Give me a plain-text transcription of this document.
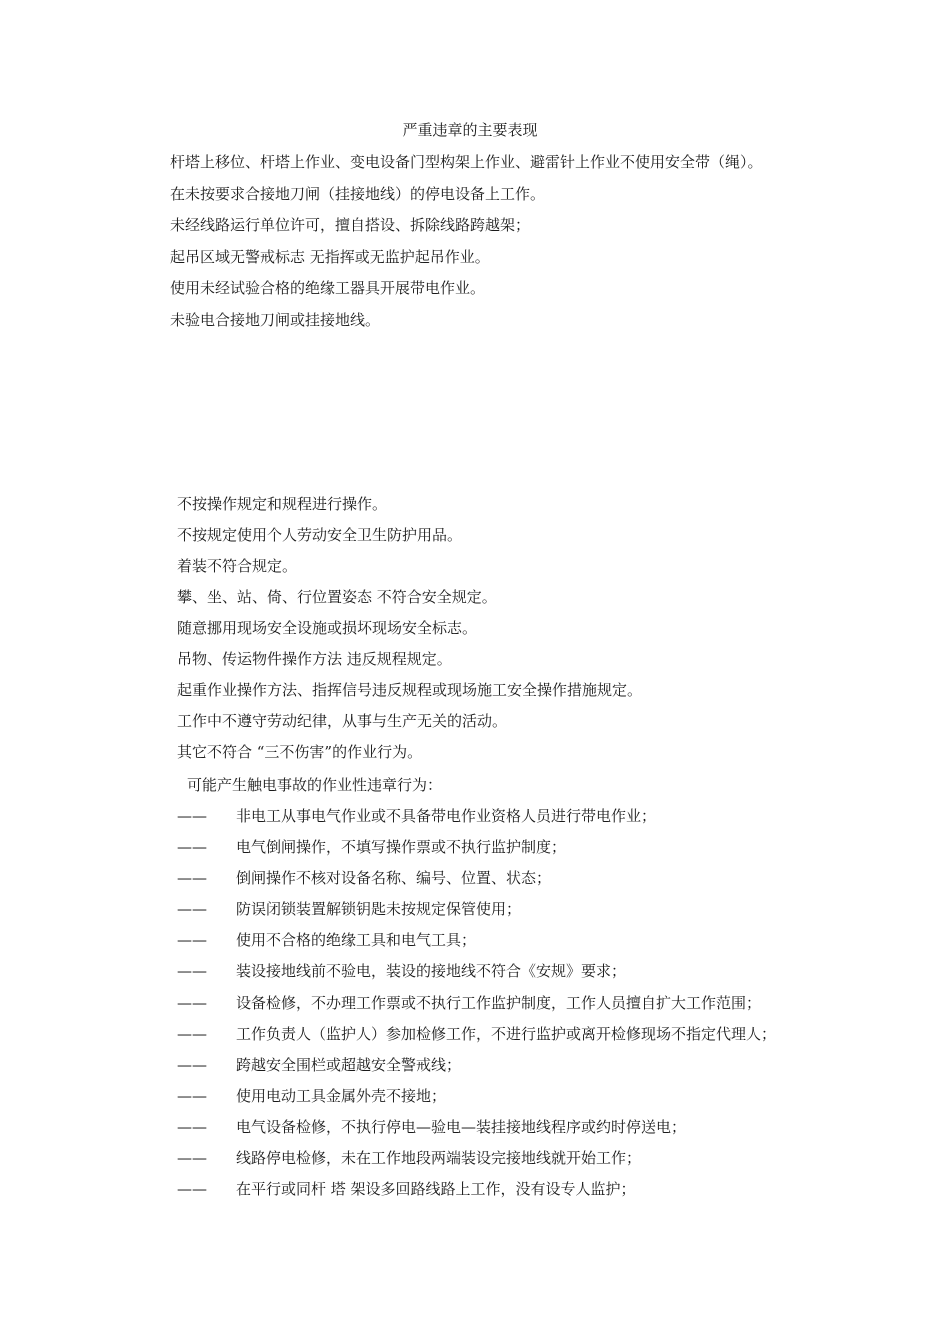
严重违章的主要表现
杆塔上移位、杆塔上作业、变电设备门型构架上作业、避雷针上作业不使用安全带（绳）。
在未按要求合接地刀闸（挂接地线）的停电设备上工作。
未经线路运行单位许可，擅自搭设、拆除线路跨越架；
起吊区域无警戒标志 无指挥或无监护起吊作业。
使用未经试验合格的绝缘工器具开展带电作业。
未验电合接地刀闸或挂接地线。
不按操作规定和规程进行操作。
不按规定使用个人劳动安全卫生防护用品。
着装不符合规定。
攀、坐、站、倚、行位置姿态 不符合安全规定。
随意挪用现场安全设施或损坏现场安全标志。
吊物、传运物件操作方法 违反规程规定。
起重作业操作方法、指挥信号违反规程或现场施工安全操作措施规定。
工作中不遵守劳动纪律，从事与生产无关的活动。
其它不符合 “三不伤害”的作业行为。
可能产生触电事故的作业性违章行为：
——	非电工从事电气作业或不具备带电作业资格人员进行带电作业；
——	电气倒闸操作，不填写操作票或不执行监护制度；
——	倒闸操作不核对设备名称、编号、位置、状态；
——	防误闭锁装置解锁钥匙未按规定保管使用；
——	使用不合格的绝缘工具和电气工具；
——	装设接地线前不验电，装设的接地线不符合《安规》要求；
——	设备检修，不办理工作票或不执行工作监护制度，工作人员擅自扩大工作范围；
——	工作负责人（监护人）参加检修工作，不进行监护或离开检修现场不指定代理人；
——	跨越安全围栏或超越安全警戒线；
——	使用电动工具金属外壳不接地；
——	电气设备检修，不执行停电—验电—装挂接地线程序或约时停送电；
——	线路停电检修，未在工作地段两端装设完接地线就开始工作；
——	在平行或同杆 塔 架设多回路线路上工作，没有设专人监护；
